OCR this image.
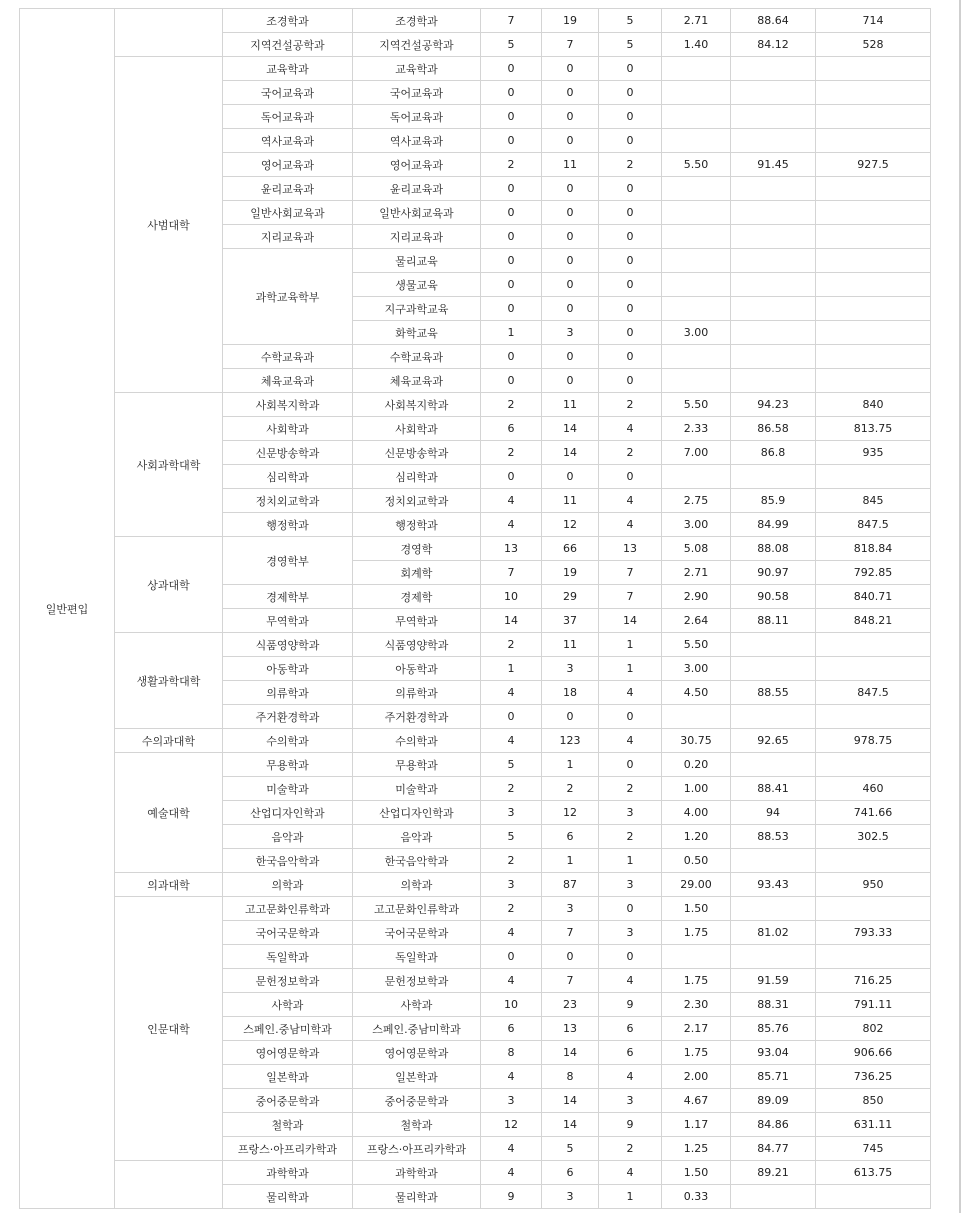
일반편입		조경학과	조경학과	7	19	5	2.71	88.64	714
		지역건설공학과	지역건설공학과	5	7	5	1.40	84.12	528
	사범대학	교육학과	교육학과	0	0	0			
		국어교육과	국어교육과	0	0	0			
		독어교육과	독어교육과	0	0	0			
		역사교육과	역사교육과	0	0	0			
		영어교육과	영어교육과	2	11	2	5.50	91.45	927.5
		윤리교육과	윤리교육과	0	0	0			
		일반사회교육과	일반사회교육과	0	0	0			
		지리교육과	지리교육과	0	0	0			
		과학교육학부	물리교육	0	0	0			
			생물교육	0	0	0			
			지구과학교육	0	0	0			
			화학교육	1	3	0	3.00		
		수학교육과	수학교육과	0	0	0			
		체육교육과	체육교육과	0	0	0			
	사회과학대학	사회복지학과	사회복지학과	2	11	2	5.50	94.23	840
		사회학과	사회학과	6	14	4	2.33	86.58	813.75
		신문방송학과	신문방송학과	2	14	2	7.00	86.8	935
		심리학과	심리학과	0	0	0			
		정치외교학과	정치외교학과	4	11	4	2.75	85.9	845
		행정학과	행정학과	4	12	4	3.00	84.99	847.5
	상과대학	경영학부	경영학	13	66	13	5.08	88.08	818.84
			회계학	7	19	7	2.71	90.97	792.85
		경제학부	경제학	10	29	7	2.90	90.58	840.71
		무역학과	무역학과	14	37	14	2.64	88.11	848.21
	생활과학대학	식품영양학과	식품영양학과	2	11	1	5.50		
		아동학과	아동학과	1	3	1	3.00		
		의류학과	의류학과	4	18	4	4.50	88.55	847.5
		주거환경학과	주거환경학과	0	0	0			
	수의과대학	수의학과	수의학과	4	123	4	30.75	92.65	978.75
	예술대학	무용학과	무용학과	5	1	0	0.20		
		미술학과	미술학과	2	2	2	1.00	88.41	460
		산업디자인학과	산업디자인학과	3	12	3	4.00	94	741.66
		음악과	음악과	5	6	2	1.20	88.53	302.5
		한국음악학과	한국음악학과	2	1	1	0.50		
	의과대학	의학과	의학과	3	87	3	29.00	93.43	950
	인문대학	고고문화인류학과	고고문화인류학과	2	3	0	1.50		
		국어국문학과	국어국문학과	4	7	3	1.75	81.02	793.33
		독일학과	독일학과	0	0	0			
		문헌정보학과	문헌정보학과	4	7	4	1.75	91.59	716.25
		사학과	사학과	10	23	9	2.30	88.31	791.11
		스페인.중남미학과	스페인.중남미학과	6	13	6	2.17	85.76	802
		영어영문학과	영어영문학과	8	14	6	1.75	93.04	906.66
		일본학과	일본학과	4	8	4	2.00	85.71	736.25
		중어중문학과	중어중문학과	3	14	3	4.67	89.09	850
		철학과	철학과	12	14	9	1.17	84.86	631.11
		프랑스·아프리카학과	프랑스·아프리카학과	4	5	2	1.25	84.77	745
		과학학과	과학학과	4	6	4	1.50	89.21	613.75
		물리학과	물리학과	9	3	1	0.33		
